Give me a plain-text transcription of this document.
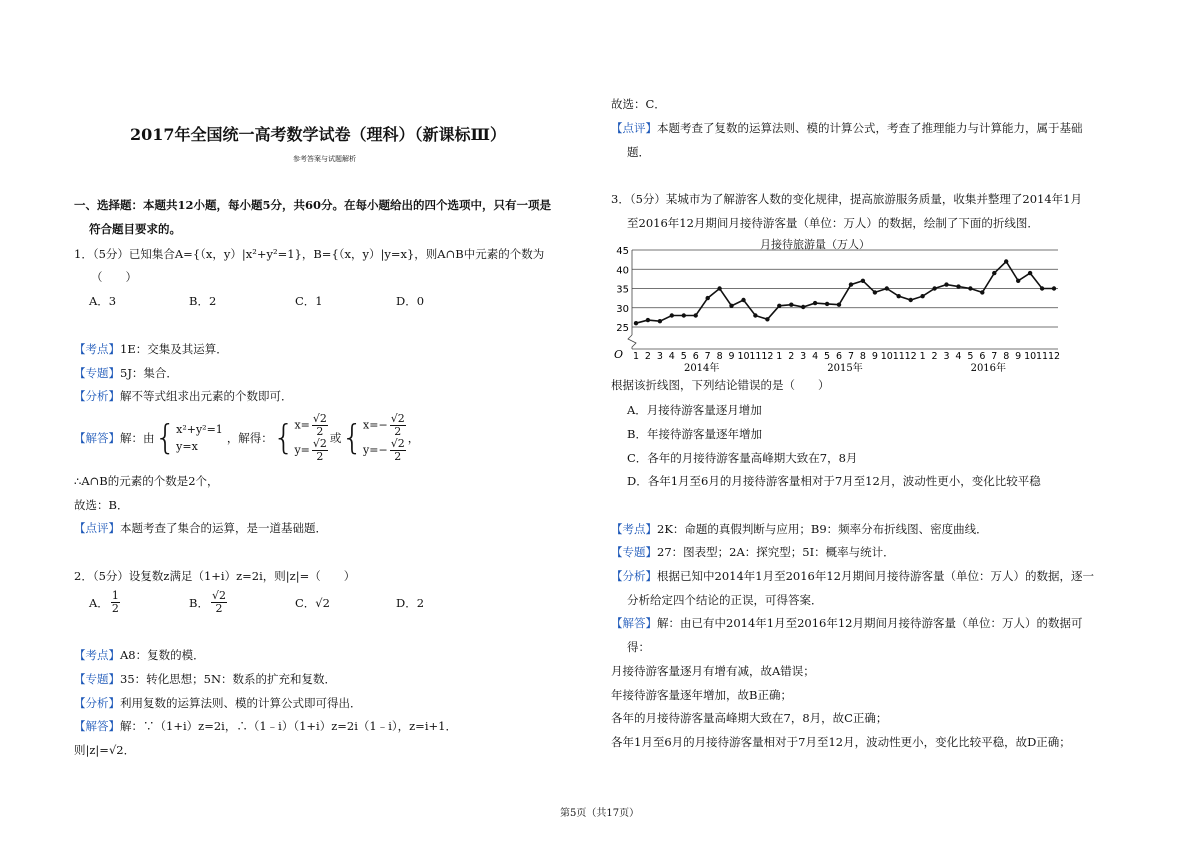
2017年全国统一高考数学试卷（理科）（新课标Ⅲ）
参考答案与试题解析
一、选择题：本题共12小题，每小题5分，共60分。在每小题给出的四个选项中，只有一项是
符合题目要求的。
1．（5分）已知集合A={（x，y）|x²+y²=1}，B={（x，y）|y=x}，则A∩B中元素的个数为
（　　）
A．3	B．2	C．1	D．0
【考点】1E：交集及其运算．
【专题】5J：集合．
【分析】解不等式组求出元素的个数即可．
【解答】 解：由 { x²+y²=1
y=x
，解得： { $x= \frac{√2}{2}$
$y= \frac{√2}{2}$ 或 { $x=- \frac{√2}{2}$
$y=- \frac{√2}{2}$ ，
∴A∩B的元素的个数是2个，
故选：B．
【点评】本题考查了集合的运算，是一道基础题．
2．（5分）设复数z满足（1+i）z=2i，则|z|=（　　）
A． $\frac{1}{2}$	B． $\frac{√2}{2}$	C．√2	D．2
【考点】A8：复数的模．
【专题】35：转化思想；5N：数系的扩充和复数．
【分析】利用复数的运算法则、模的计算公式即可得出．
【解答】解：∵（1+i）z=2i，∴（1﹣i）（1+i）z=2i（1﹣i），z=i+1．
则|z|=√2．
故选：C．
【点评】本题考查了复数的运算法则、模的计算公式，考查了推理能力与计算能力，属于基础
题．
3．（5分）某城市为了解游客人数的变化规律，提高旅游服务质量，收集并整理了2014年1月
至2016年12月期间月接待游客量（单位：万人）的数据，绘制了下面的折线图．
月接待旅游量（万人）
25
30
35
40
45
1 2 3 4 5 6 7 8 9 10 11 12 1 2 3 4 5 6 7 8 9 10 11 12 1 2 3 4 5 6 7 8 9 10 11 12
2014年	2015年	2016年
O
根据该折线图，下列结论错误的是（　　）
A．月接待游客量逐月增加
B．年接待游客量逐年增加
C．各年的月接待游客量高峰期大致在7，8月
D．各年1月至6月的月接待游客量相对于7月至12月，波动性更小，变化比较平稳
【考点】2K：命题的真假判断与应用；B9：频率分布折线图、密度曲线．
【专题】27：图表型；2A：探究型；5I：概率与统计．
【分析】根据已知中2014年1月至2016年12月期间月接待游客量（单位：万人）的数据，逐一
分析给定四个结论的正误，可得答案．
【解答】解：由已有中2014年1月至2016年12月期间月接待游客量（单位：万人）的数据可
得：
月接待游客量逐月有增有减，故A错误；
年接待游客量逐年增加，故B正确；
各年的月接待游客量高峰期大致在7，8月，故C正确；
各年1月至6月的月接待游客量相对于7月至12月，波动性更小，变化比较平稳，故D正确；
第5页（共17页）
